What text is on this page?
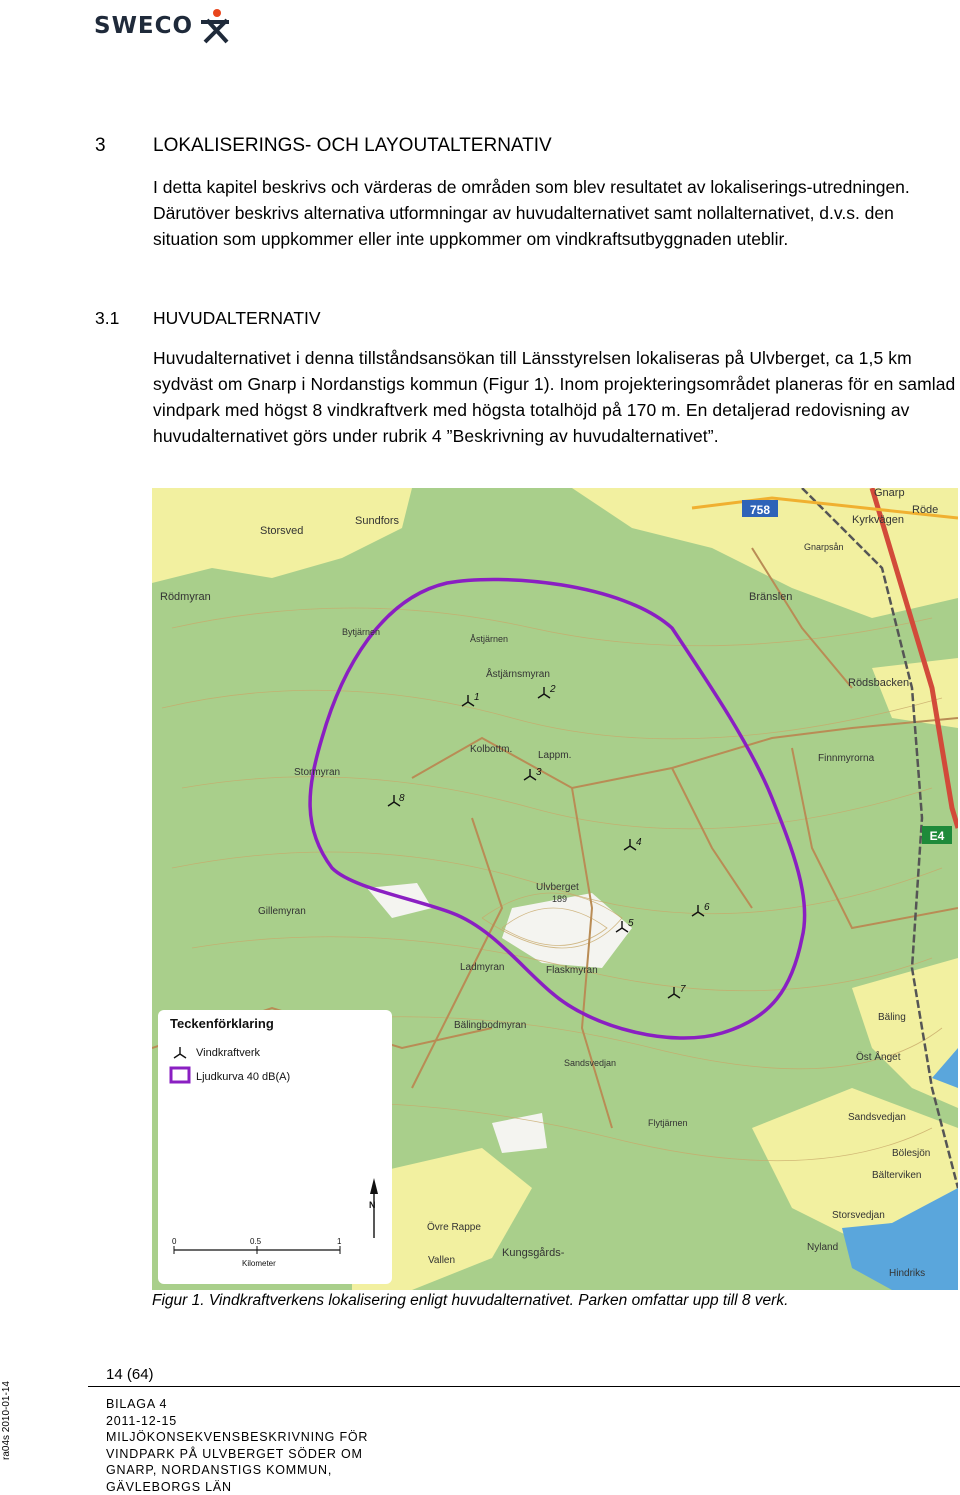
SWECO
3 LOKALISERINGS- OCH LAYOUTALTERNATIV
I detta kapitel beskrivs och värderas de områden som blev resultatet av lokaliserings-utredningen. Därutöver beskrivs alternativa utformningar av huvudalternativet samt nollalternativet, d.v.s. den situation som uppkommer eller inte uppkommer om vindkraftsutbyggnaden uteblir.
3.1 HUVUDALTERNATIV
Huvudalternativet i denna tillståndsansökan till Länsstyrelsen lokaliseras på Ulvberget, ca 1,5 km sydväst om Gnarp i Nordanstigs kommun (Figur 1). Inom projekteringsområdet planeras för en samlad vindpark med högst 8 vindkraftverk med högsta totalhöjd på 170 m. En detaljerad redovisning av huvudalternativet görs under rubrik 4 ”Beskrivning av huvudalternativet”.
758
E4
Storsved
Sundfors
Gnarp
Röde
Kyrkvägen
Gnarpsån
Rödmyran	Bränslen
Bytjärnen
Åstjärnen
Åstjärnsmyran
Rödsbacken
Kolbottm.
Lappm.
Stormyran
Finnmyrorna
Ulvberget
189
Gillemyran
Ladmyran	Flaskmyran
Bäling
Bälingbodmyran
Öst Ånget
Sandsvedjan
Sandsvedjan
Flytjärnen
Storsvedjan
Bölesjön
Bälterviken
Övre Rappe
Vallen
Kungsgårds-	Nyland
Hindriks
1
2
3
4
5
6
7
8
Teckenförklaring
Vindkraftverk
Ljudkurva 40 dB(A)
0	0.5	1
Kilometer
N
Figur 1. Vindkraftverkens lokalisering enligt huvudalternativet. Parken omfattar upp till 8 verk.
14 (64)
ra04s 2010-01-14	BILAGA 4
2011-12-15
MILJÖKONSEKVENSBESKRIVNING FÖR
VINDPARK PÅ ULVBERGET SÖDER OM
GNARP, NORDANSTIGS KOMMUN,
GÄVLEBORGS LÄN
